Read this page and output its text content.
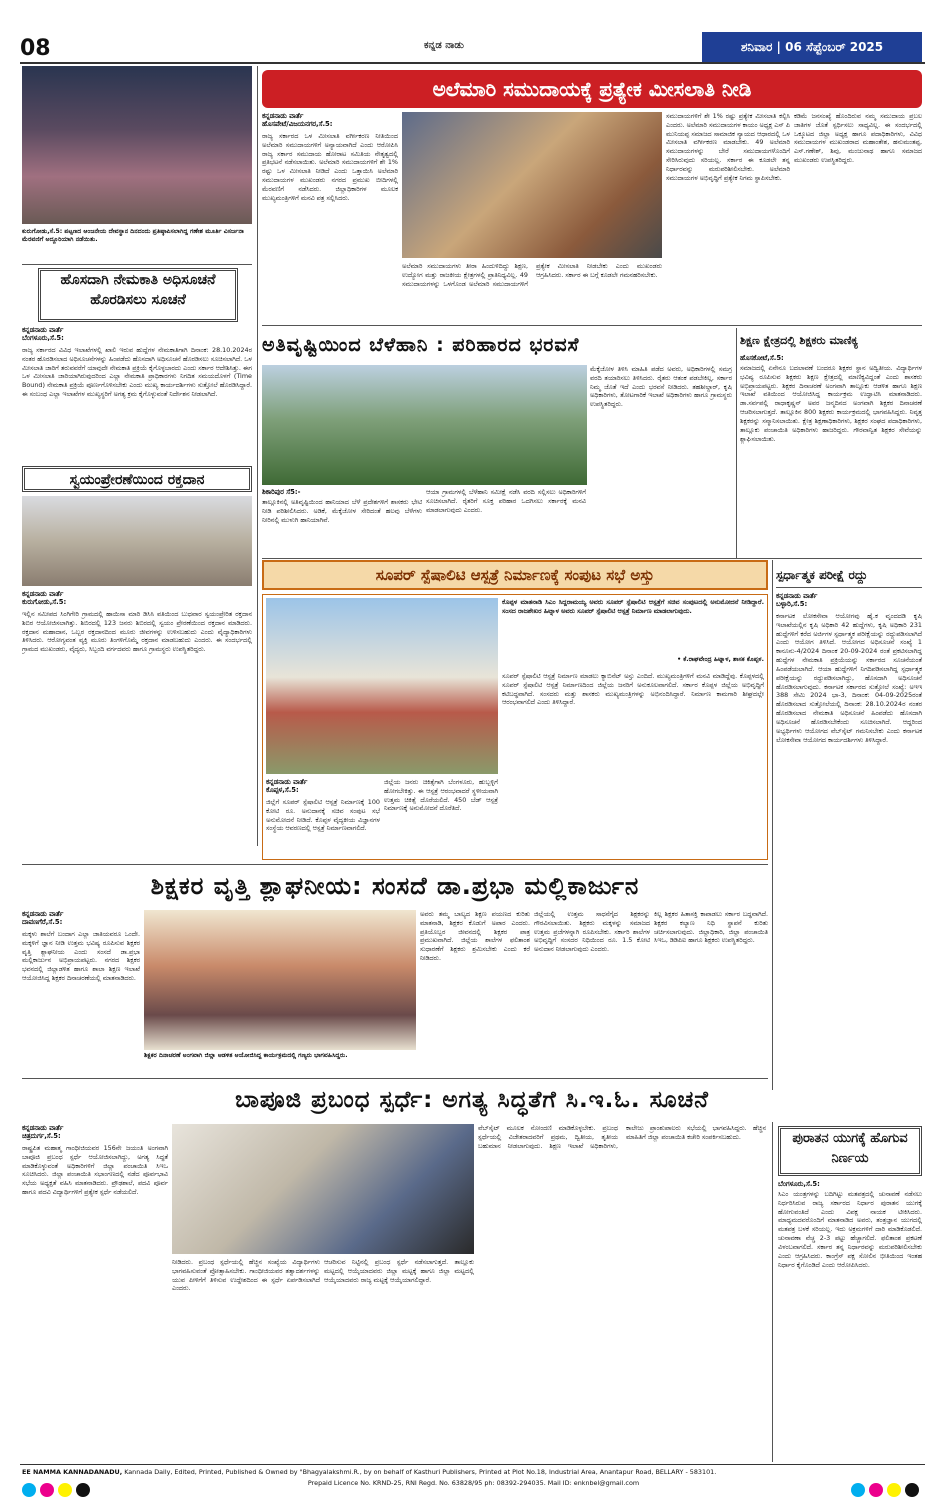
08	ಕನ್ನಡ ನಾಡು	ಶನಿವಾರ | 06 ಸೆಪ್ಟೆಂಬರ್ 2025
ಕುರುಗೋಡು,ಸೆ.5: ಪಟ್ಟಣದ ಆಂಜನೇಯ ದೇವಸ್ಥಾನ ದಿನದಂದು ಪ್ರತಿಷ್ಠಾಪಿಸಲಾಗಿದ್ದ ಗಣೇಶ ಮೂರ್ತಿ ವಿಸರ್ಜನಾ ಮೆರವಣಿಗೆ ಅದ್ದೂರಿಯಾಗಿ ನಡೆಯಿತು.
ಹೊಸದಾಗಿ ನೇಮಕಾತಿ ಅಧಿಸೂಚನೆ ಹೊರಡಿಸಲು ಸೂಚನೆ
ಕನ್ನಡನಾಡು ವಾರ್ತೆ
ಬೆಂಗಳೂರು,ಸೆ.5:
ರಾಜ್ಯ ಸರ್ಕಾರದ ವಿವಿಧ ಇಲಾಖೆಗಳಲ್ಲಿ ಖಾಲಿ ಇರುವ ಹುದ್ದೆಗಳ ನೇಮಕಾತಿಗಾಗಿ ದಿನಾಂಕ: 28.10.2024ರ ನಂತರ ಹೊರಡಿಸಲಾದ ಅಧಿಸೂಚನೆಗಳನ್ನು ಹಿಂಪಡೆದು ಹೊಸದಾಗಿ ಅಧಿಸೂಚನೆ ಹೊರಡಿಸಲು ಸೂಚಿಸಲಾಗಿದೆ. ಒಳ ಮೀಸಲಾತಿ ಜಾರಿಗೆ ತರುವವರೆಗೆ ಯಾವುದೇ ನೇಮಕಾತಿ ಪ್ರಕ್ರಿಯೆ ಕೈಗೊಳ್ಳಬಾರದು ಎಂದು ಸರ್ಕಾರ ಆದೇಶಿಸಿತ್ತು. ಈಗ ಒಳ ಮೀಸಲಾತಿ ಜಾರಿಯಾಗಿರುವುದರಿಂದ ಎಲ್ಲಾ ನೇಮಕಾತಿ ಪ್ರಾಧಿಕಾರಗಳು ನಿಗದಿತ ಸಮಯದೊಳಗೆ (Time Bound) ನೇಮಕಾತಿ ಪ್ರಕ್ರಿಯೆ ಪೂರ್ಣಗೊಳಿಸಬೇಕು ಎಂದು ಮುಖ್ಯ ಕಾರ್ಯದರ್ಶಿಗಳು ಸುತ್ತೋಲೆ ಹೊರಡಿಸಿದ್ದಾರೆ. ಈ ಸಂಬಂಧ ಎಲ್ಲಾ ಇಲಾಖೆಗಳ ಮುಖ್ಯಸ್ಥರಿಗೆ ಅಗತ್ಯ ಕ್ರಮ ಕೈಗೊಳ್ಳುವಂತೆ ನಿರ್ದೇಶನ ನೀಡಲಾಗಿದೆ.
ಸ್ವಯಂಪ್ರೇರಣೆಯಿಂದ ರಕ್ತದಾನ
ಕನ್ನಡನಾಡು ವಾರ್ತೆ
ಕುರುಗೋಡು,ಸೆ.5:
ಇಲ್ಲಿನ ಸಮೀಪದ ಸಿಂಗಿಗೇರಿ ಗ್ರಾಮದಲ್ಲಿ ಹಾಯಿಸಾ ಮಾರಿ ಡಿಸಿಸಿ ವತಿಯಿಂದ ಬುಧವಾರ ಸ್ವಯಂಪ್ರೇರಿತ ರಕ್ತದಾನ ಶಿಬಿರ ಆಯೋಜಿಸಲಾಗಿತ್ತು. ಶಿಬಿರದಲ್ಲಿ 123 ಜನರು ಶಿಬಿರದಲ್ಲಿ ಸ್ವಯಂ ಪ್ರೇರಣೆಯಿಂದ ರಕ್ತದಾನ ಮಾಡಿದರು. ರಕ್ತದಾನ ಮಹಾದಾನ, ಒಬ್ಬರ ರಕ್ತದಾನದಿಂದ ಮೂರು ಜೀವಗಳನ್ನು ಉಳಿಸಬಹುದು ಎಂದು ವೈದ್ಯಾಧಿಕಾರಿಗಳು ತಿಳಿಸಿದರು. ಆರೋಗ್ಯವಂತ ವ್ಯಕ್ತಿ ಮೂರು ತಿಂಗಳಿಗೊಮ್ಮೆ ರಕ್ತದಾನ ಮಾಡಬಹುದು ಎಂದರು. ಈ ಸಂದರ್ಭದಲ್ಲಿ ಗ್ರಾಮದ ಮುಖಂಡರು, ವೈದ್ಯರು, ಸಿಬ್ಬಂದಿ ವರ್ಗದವರು ಹಾಗೂ ಗ್ರಾಮಸ್ಥರು ಉಪಸ್ಥಿತರಿದ್ದರು.
ಅಲೆಮಾರಿ ಸಮುದಾಯಕ್ಕೆ ಪ್ರತ್ಯೇಕ ಮೀಸಲಾತಿ ನೀಡಿ
ಕನ್ನಡನಾಡು ವಾರ್ತೆ
ಹೊಸಪೇಟೆ/ವಿಜಯನಗರ,ಸೆ.5:
ರಾಜ್ಯ ಸರ್ಕಾರದ ಒಳ ಮೀಸಲಾತಿ ವರ್ಗೀಕರಣ ನೀತಿಯಿಂದ ಅಲೆಮಾರಿ ಸಮುದಾಯಗಳಿಗೆ ಅನ್ಯಾಯವಾಗಿದೆ ಎಂದು ಆರೋಪಿಸಿ ರಾಜ್ಯ ಸರ್ಕಾರ ಸಮುದಾಯ ಹೋರಾಟ ಸಮಿತಿಯ ನೇತೃತ್ವದಲ್ಲಿ ಪ್ರತಿಭಟನೆ ನಡೆಸಲಾಯಿತು. ಅಲೆಮಾರಿ ಸಮುದಾಯಗಳಿಗೆ ಶೇ 1% ರಷ್ಟು ಒಳ ಮೀಸಲಾತಿ ನೀಡಿದೆ ಎಂದು ಒತ್ತಾಯಿಸಿ ಅಲೆಮಾರಿ ಸಮುದಾಯಗಳ ಮುಖಂಡರು ನಗರದ ಪ್ರಮುಖ ಬೀದಿಗಳಲ್ಲಿ ಮೆರವಣಿಗೆ ನಡೆಸಿದರು. ಜಿಲ್ಲಾಧಿಕಾರಿಗಳ ಮೂಲಕ ಮುಖ್ಯಮಂತ್ರಿಗಳಿಗೆ ಮನವಿ ಪತ್ರ ಸಲ್ಲಿಸಿದರು.
ಅಲೆಮಾರಿ ಸಮುದಾಯಗಳು ತೀರಾ ಹಿಂದುಳಿದಿದ್ದು ಶಿಕ್ಷಣ, ಉದ್ಯೋಗ ಮತ್ತು ರಾಜಕೀಯ ಕ್ಷೇತ್ರಗಳಲ್ಲಿ ಪ್ರಾತಿನಿಧ್ಯವಿಲ್ಲ. 49 ಸಮುದಾಯಗಳನ್ನು ಒಳಗೊಂಡ ಅಲೆಮಾರಿ ಸಮುದಾಯಗಳಿಗೆ ಪ್ರತ್ಯೇಕ ಮೀಸಲಾತಿ ನೀಡಬೇಕು ಎಂದು ಮುಖಂಡರು ಆಗ್ರಹಿಸಿದರು. ಸರ್ಕಾರ ಈ ಬಗ್ಗೆ ಕೂಡಲೇ ಗಮನಹರಿಸಬೇಕು.
ಸಮುದಾಯಗಳಿಗೆ ಶೇ 1% ರಷ್ಟು ಪ್ರತ್ಯೇಕ ಮೀಸಲಾತಿ ಕಲ್ಪಿಸಿ ಎಂದರು. ಅಲೆಮಾರಿ ಸಮುದಾಯಗಳ ಕಾಯಂ ಅಧ್ಯಕ್ಷ ಎಸ್ ಪಿ ಮುನಿಯಪ್ಪ ಸಮಾಜದ ಸಾಮಾಜಿಕ ನ್ಯಾಯದ ಆಧಾರದಲ್ಲಿ ಒಳ ಮೀಸಲಾತಿ ವರ್ಗೀಕರಣ ಮಾಡಬೇಕು. 49 ಅಲೆಮಾರಿ ಸಮುದಾಯಗಳನ್ನು ಬೇರೆ ಸಮುದಾಯಗಳೊಂದಿಗೆ ಸೇರಿಸಿರುವುದು ಸರಿಯಲ್ಲ. ಸರ್ಕಾರ ಈ ಕೂಡಲೇ ತನ್ನ ನಿರ್ಧಾರವನ್ನು ಮರುಪರಿಶೀಲಿಸಬೇಕು. ಅಲೆಮಾರಿ ಸಮುದಾಯಗಳ ಅಭಿವೃದ್ಧಿಗೆ ಪ್ರತ್ಯೇಕ ನಿಗಮ ಸ್ಥಾಪಿಸಬೇಕು.
ಕಡಿಮೆ ಜನಸಂಖ್ಯೆ ಹೊಂದಿರುವ ನಮ್ಮ ಸಮುದಾಯ ಪ್ರಬಲ ಜಾತಿಗಳ ಜೊತೆ ಸ್ಪರ್ಧಿಸಲು ಸಾಧ್ಯವಿಲ್ಲ. ಈ ಸಂದರ್ಭದಲ್ಲಿ ಒಕ್ಕೂಟದ ಜಿಲ್ಲಾ ಅಧ್ಯಕ್ಷ ಹಾಗೂ ಪದಾಧಿಕಾರಿಗಳು, ವಿವಿಧ ಸಮುದಾಯಗಳ ಮುಖಂಡರಾದ ಮಹಾಂತೇಶ, ಹನುಮಂತಪ್ಪ, ಎಸ್.ಗಣೇಶ್, ಶಿವು, ಮಂಜುನಾಥ ಹಾಗೂ ಸಮಾಜದ ಮುಖಂಡರು ಉಪಸ್ಥಿತರಿದ್ದರು.
ಅತಿವೃಷ್ಟಿಯಿಂದ ಬೆಳೆಹಾನಿ : ಪರಿಹಾರದ ಭರವಸೆ
ಮೆಕ್ಕೆಜೋಳ ತಿಳಿಸಿ ಮಾಹಿತಿ ಪಡೆದ ಅವರು, ಅಧಿಕಾರಿಗಳಲ್ಲಿ ಸಮಗ್ರ ವರದಿ ತಯಾರಿಸಲು ತಿಳಿಸಿದರು. ರೈತರು ಆತಂಕ ಪಡಬೇಕಿಲ್ಲ, ಸರ್ಕಾರ ನಿಮ್ಮ ಜೊತೆ ಇದೆ ಎಂದು ಭರವಸೆ ನೀಡಿದರು. ತಹಶೀಲ್ದಾರ್, ಕೃಷಿ ಅಧಿಕಾರಿಗಳು, ತೋಟಗಾರಿಕೆ ಇಲಾಖೆ ಅಧಿಕಾರಿಗಳು ಹಾಗೂ ಗ್ರಾಮಸ್ಥರು ಉಪಸ್ಥಿತರಿದ್ದರು.
ಶಿಕಾರಿಪುರ ಸೆ5:-
ತಾಲ್ಲೂಕಿನಲ್ಲಿ ಅತಿವೃಷ್ಟಿಯಿಂದ ಹಾನಿಯಾದ ಬೆಳೆ ಪ್ರದೇಶಗಳಿಗೆ ಶಾಸಕರು ಭೇಟಿ ನೀಡಿ ಪರಿಶೀಲಿಸಿದರು. ಅಡಿಕೆ, ಮೆಕ್ಕೆಜೋಳ ಸೇರಿದಂತೆ ಹಲವು ಬೆಳೆಗಳು ನೀರಿನಲ್ಲಿ ಮುಳುಗಿ ಹಾನಿಯಾಗಿವೆ.
ಆಯಾ ಗ್ರಾಮಗಳಲ್ಲಿ ಬೆಳೆಹಾನಿ ಸಮೀಕ್ಷೆ ನಡೆಸಿ ವರದಿ ಸಲ್ಲಿಸಲು ಅಧಿಕಾರಿಗಳಿಗೆ ಸೂಚಿಸಲಾಗಿದೆ. ರೈತರಿಗೆ ಸೂಕ್ತ ಪರಿಹಾರ ಒದಗಿಸಲು ಸರ್ಕಾರಕ್ಕೆ ಮನವಿ ಮಾಡಲಾಗುವುದು ಎಂದರು.
ಶಿಕ್ಷಣ ಕ್ಷೇತ್ರದಲ್ಲಿ ಶಿಕ್ಷಕರು ಮಾಣಿಕ್ಯ
ಹೊಸಕೋಟೆ,ಸೆ.5:
ಸಮಾಜದಲ್ಲಿ ಏನೇನೂ ಬದಲಾವಣೆ ಬಂದರೂ ಶಿಕ್ಷಕರ ಸ್ಥಾನ ಅದ್ವಿತೀಯ. ವಿದ್ಯಾರ್ಥಿಗಳ ಭವಿಷ್ಯ ರೂಪಿಸುವ ಶಿಕ್ಷಕರು ಶಿಕ್ಷಣ ಕ್ಷೇತ್ರದಲ್ಲಿ ಮಾಣಿಕ್ಯವಿದ್ದಂತೆ ಎಂದು ಶಾಸಕರು ಅಭಿಪ್ರಾಯಪಟ್ಟರು. ಶಿಕ್ಷಕರ ದಿನಾಚರಣೆ ಅಂಗವಾಗಿ ತಾಲ್ಲೂಕು ಆಡಳಿತ ಹಾಗೂ ಶಿಕ್ಷಣ ಇಲಾಖೆ ವತಿಯಿಂದ ಆಯೋಜಿಸಿದ್ದ ಕಾರ್ಯಕ್ರಮ ಉದ್ಘಾಟಿಸಿ ಮಾತನಾಡಿದರು. ಡಾ.ಸರ್ವಪಲ್ಲಿ ರಾಧಾಕೃಷ್ಣನ್ ಅವರ ಜನ್ಮದಿನದ ಅಂಗವಾಗಿ ಶಿಕ್ಷಕರ ದಿನಾಚರಣೆ ಆಚರಿಸಲಾಗುತ್ತದೆ. ತಾಲ್ಲೂಕಿನ 800 ಶಿಕ್ಷಕರು ಕಾರ್ಯಕ್ರಮದಲ್ಲಿ ಭಾಗವಹಿಸಿದ್ದರು. ನಿವೃತ್ತ ಶಿಕ್ಷಕರನ್ನು ಸನ್ಮಾನಿಸಲಾಯಿತು. ಕ್ಷೇತ್ರ ಶಿಕ್ಷಣಾಧಿಕಾರಿಗಳು, ಶಿಕ್ಷಕರ ಸಂಘದ ಪದಾಧಿಕಾರಿಗಳು, ತಾಲ್ಲೂಕು ಪಂಚಾಯಿತಿ ಅಧಿಕಾರಿಗಳು ಹಾಜರಿದ್ದರು. ಗೌರವಾನ್ವಿತ ಶಿಕ್ಷಕರ ಸೇವೆಯನ್ನು ಶ್ಲಾಘಿಸಲಾಯಿತು.
ಸೂಪರ್ ಸ್ಪೆಷಾಲಿಟಿ ಆಸ್ಪತ್ರೆ ನಿರ್ಮಾಣಕ್ಕೆ ಸಂಪುಟ ಸಭೆ ಅಸ್ತು
ಕೊಪ್ಪಳ ಮಾತನಾಡಿ ಸಿಎಂ ಸಿದ್ದರಾಮಯ್ಯ ಅವರು ಸೂಪರ್ ಸ್ಪೆಷಾಲಿಟಿ ಆಸ್ಪತ್ರೆಗೆ ಸಚಿವ ಸಂಪುಟದಲ್ಲಿ ಅನುಮೋದನೆ ನೀಡಿದ್ದಾರೆ. ಸಂಸದ ರಾಜಶೇಖರ ಹಿಟ್ನಾಳ ಅವರು ಸೂಪರ್ ಸ್ಪೆಷಾಲಿಟಿ ಆಸ್ಪತ್ರೆ ನಿರ್ಮಾಣ ಮಾಡಲಾಗುವುದು.
• ಕೆ.ರಾಘವೇಂದ್ರ ಹಿಟ್ನಾಳ, ಶಾಸಕ ಕೊಪ್ಪಳ.
ಸೂಪರ್ ಸ್ಪೆಷಾಲಿಟಿ ಆಸ್ಪತ್ರೆ ನಿರ್ಮಾಣ ಮಾಡಲು ಕ್ಯಾಬಿನೆಟ್ ಅಸ್ತು ಎಂದಿದೆ. ಮುಖ್ಯಮಂತ್ರಿಗಳಿಗೆ ಮನವಿ ಮಾಡಿದ್ದೆವು. ಕೊಪ್ಪಳದಲ್ಲಿ ಸೂಪರ್ ಸ್ಪೆಷಾಲಿಟಿ ಆಸ್ಪತ್ರೆ ನಿರ್ಮಾಣದಿಂದ ಜಿಲ್ಲೆಯ ಜನರಿಗೆ ಅನುಕೂಲವಾಗಲಿದೆ. ಸರ್ಕಾರ ಕೊಪ್ಪಳ ಜಿಲ್ಲೆಯ ಅಭಿವೃದ್ಧಿಗೆ ಕಟಿಬದ್ಧವಾಗಿದೆ. ಸಂಸದರು ಮತ್ತು ಶಾಸಕರು ಮುಖ್ಯಮಂತ್ರಿಗಳನ್ನು ಅಭಿನಂದಿಸಿದ್ದಾರೆ. ನಿರ್ಮಾಣ ಕಾಮಗಾರಿ ಶೀಘ್ರದಲ್ಲೇ ಆರಂಭವಾಗಲಿದೆ ಎಂದು ತಿಳಿಸಿದ್ದಾರೆ.
ಕನ್ನಡನಾಡು ವಾರ್ತೆ
ಕೊಪ್ಪಳ,ಸೆ.5:
ಜಿಲ್ಲೆಗೆ ಸೂಪರ್ ಸ್ಪೆಷಾಲಿಟಿ ಆಸ್ಪತ್ರೆ ನಿರ್ಮಾಣಕ್ಕೆ 100 ಕೋಟಿ ರೂ. ಅನುದಾನಕ್ಕೆ ಸಚಿವ ಸಂಪುಟ ಸಭೆ ಅನುಮೋದನೆ ನೀಡಿದೆ. ಕೊಪ್ಪಳ ವೈದ್ಯಕೀಯ ವಿಜ್ಞಾನಗಳ ಸಂಸ್ಥೆಯ ಆವರಣದಲ್ಲಿ ಆಸ್ಪತ್ರೆ ನಿರ್ಮಾಣವಾಗಲಿದೆ.
ಜಿಲ್ಲೆಯ ಜನರು ಚಿಕಿತ್ಸೆಗಾಗಿ ಬೆಂಗಳೂರು, ಹುಬ್ಬಳ್ಳಿಗೆ ಹೋಗಬೇಕಿತ್ತು. ಈ ಆಸ್ಪತ್ರೆ ಆರಂಭವಾದರೆ ಸ್ಥಳೀಯವಾಗಿ ಉತ್ತಮ ಚಿಕಿತ್ಸೆ ದೊರೆಯಲಿದೆ. 450 ಬೆಡ್ ಆಸ್ಪತ್ರೆ ನಿರ್ಮಾಣಕ್ಕೆ ಅನುಮೋದನೆ ದೊರೆತಿದೆ.
ಸ್ಪರ್ಧಾತ್ಮಕ ಪರೀಕ್ಷೆ ರದ್ದು
ಕನ್ನಡನಾಡು ವಾರ್ತೆ
ಬಳ್ಳಾರಿ,ಸೆ.5:
ಕರ್ನಾಟಕ ಲೋಕಸೇವಾ ಆಯೋಗವು ಹೈ.ಕ ವೃಂದದಡಿ ಕೃಷಿ ಇಲಾಖೆಯಲ್ಲಿನ ಕೃಷಿ ಅಧಿಕಾರಿ 42 ಹುದ್ದೆಗಳು, ಕೃಷಿ ಅಧಿಕಾರಿ 231 ಹುದ್ದೆಗಳಿಗೆ ಕರೆದ ಅರ್ಜಿಗಳ ಸ್ಪರ್ಧಾತ್ಮಕ ಪರೀಕ್ಷೆಯನ್ನು ರದ್ದುಪಡಿಸಲಾಗಿದೆ ಎಂದು ಆಯೋಗ ತಿಳಿಸಿದೆ. ಆಯೋಗದ ಅಧಿಸೂಚನೆ ಸಂಖ್ಯೆ 1 ಕಾನೂನು-4/2024 ದಿನಾಂಕ 20-09-2024 ರಂತೆ ಪ್ರಕಟಿಸಲಾಗಿದ್ದ ಹುದ್ದೆಗಳ ನೇಮಕಾತಿ ಪ್ರಕ್ರಿಯೆಯನ್ನು ಸರ್ಕಾರದ ಸೂಚನೆಯಂತೆ ಹಿಂಪಡೆಯಲಾಗಿದೆ. ಆಯಾ ಹುದ್ದೆಗಳಿಗೆ ನಿಗದಿಪಡಿಸಲಾಗಿದ್ದ ಸ್ಪರ್ಧಾತ್ಮಕ ಪರೀಕ್ಷೆಯನ್ನು ರದ್ದುಪಡಿಸಲಾಗಿದ್ದು, ಹೊಸದಾಗಿ ಅಧಿಸೂಚನೆ ಹೊರಡಿಸಲಾಗುವುದು. ಕರ್ನಾಟಕ ಸರ್ಕಾರದ ಸುತ್ತೋಲೆ ಸಂಖ್ಯೆ: ಅಇಇ 388 ಸೇಮಿ 2024 ಭಾ-3, ದಿನಾಂಕ: 04-09-2025ರಂತೆ ಹೊರಡಿಸಲಾದ ಸುತ್ತೋಲೆಯಲ್ಲಿ ದಿನಾಂಕ: 28.10.2024ರ ನಂತರ ಹೊರಡಿಸಲಾದ ನೇಮಕಾತಿ ಅಧಿಸೂಚನೆ ಹಿಂಪಡೆದು ಹೊಸದಾಗಿ ಅಧಿಸೂಚನೆ ಹೊರಡಿಸಬೇಕೆಂದು ಸೂಚಿಸಲಾಗಿದೆ. ಆದ್ದರಿಂದ ಅಭ್ಯರ್ಥಿಗಳು ಆಯೋಗದ ವೆಬ್‌ಸೈಟ್ ಗಮನಿಸಬೇಕು ಎಂದು ಕರ್ನಾಟಕ ಲೋಕಸೇವಾ ಆಯೋಗದ ಕಾರ್ಯದರ್ಶಿಗಳು ತಿಳಿಸಿದ್ದಾರೆ.
ಶಿಕ್ಷಕರ ವೃತ್ತಿ ಶ್ಲಾಘನೀಯ: ಸಂಸದೆ ಡಾ.ಪ್ರಭಾ ಮಲ್ಲಿಕಾರ್ಜುನ
ಕನ್ನಡನಾಡು ವಾರ್ತೆ
ದಾವಣಗೆರೆ,ಸೆ.5:
ಮಕ್ಕಳು ಶಾಲೆಗೆ ಬಂದಾಗ ಎಲ್ಲಾ ಜಾತಿಯವರೂ ಒಂದೇ. ಮಕ್ಕಳಿಗೆ ಜ್ಞಾನ ನೀಡಿ ಉತ್ತಮ ಭವಿಷ್ಯ ರೂಪಿಸುವ ಶಿಕ್ಷಕರ ವೃತ್ತಿ ಶ್ಲಾಘನೀಯ ಎಂದು ಸಂಸದೆ ಡಾ.ಪ್ರಭಾ ಮಲ್ಲಿಕಾರ್ಜುನ ಅಭಿಪ್ರಾಯಪಟ್ಟರು. ನಗರದ ಶಿಕ್ಷಕರ ಭವನದಲ್ಲಿ ಜಿಲ್ಲಾಡಳಿತ ಹಾಗೂ ಶಾಲಾ ಶಿಕ್ಷಣ ಇಲಾಖೆ ಆಯೋಜಿಸಿದ್ದ ಶಿಕ್ಷಕರ ದಿನಾಚರಣೆಯಲ್ಲಿ ಮಾತನಾಡಿದರು.
ಶಿಕ್ಷಕರ ದಿನಾಚರಣೆ ಅಂಗವಾಗಿ ಜಿಲ್ಲಾ ಆಡಳಿತ ಆಯೋಜಿಸಿದ್ದ ಕಾರ್ಯಕ್ರಮದಲ್ಲಿ ಗಣ್ಯರು ಭಾಗವಹಿಸಿದ್ದರು.
ಅವರು ತಮ್ಮ ಬಾಲ್ಯದ ಶಿಕ್ಷಣ ಪಯಣದ ಕುರಿತು ಮಾತನಾಡಿ, ಶಿಕ್ಷಕರ ಕೊಡುಗೆ ಅಪಾರ ಎಂದರು. ಪ್ರತಿಯೊಬ್ಬರ ಜೀವನದಲ್ಲಿ ಶಿಕ್ಷಕರ ಪಾತ್ರ ಪ್ರಮುಖವಾಗಿದೆ. ಜಿಲ್ಲೆಯ ಶಾಲೆಗಳ ಫಲಿತಾಂಶ ಸುಧಾರಣೆಗೆ ಶಿಕ್ಷಕರು ಶ್ರಮಿಸಬೇಕು ಎಂದು ಕರೆ ನೀಡಿದರು.
ಜಿಲ್ಲೆಯಲ್ಲಿ ಉತ್ತಮ ಸಾಧನೆಗೈದ ಶಿಕ್ಷಕರನ್ನು ಗೌರವಿಸಲಾಯಿತು. ಶಿಕ್ಷಕರು ಮಕ್ಕಳನ್ನು ಸಮಾಜದ ಉತ್ತಮ ಪ್ರಜೆಗಳನ್ನಾಗಿ ರೂಪಿಸಬೇಕು. ಸರ್ಕಾರಿ ಶಾಲೆಗಳ ಅಭಿವೃದ್ಧಿಗೆ ಸಂಸದರ ನಿಧಿಯಿಂದ ರೂ. 1.5 ಕೋಟಿ ಅನುದಾನ ನೀಡಲಾಗುವುದು ಎಂದರು.
ಕಿಲ್ಲ ಶಿಕ್ಷಕರ ಹಿತಾಸಕ್ತಿ ಕಾಪಾಡಲು ಸರ್ಕಾರ ಬದ್ಧವಾಗಿದೆ. ಶಿಕ್ಷಕರ ಕಲ್ಯಾಣ ನಿಧಿ ಸ್ಥಾಪನೆ ಕುರಿತು ಚರ್ಚಿಸಲಾಗುವುದು. ಜಿಲ್ಲಾಧಿಕಾರಿ, ಜಿಲ್ಲಾ ಪಂಚಾಯಿತಿ ಸಿಇಒ, ಡಿಡಿಪಿಐ ಹಾಗೂ ಶಿಕ್ಷಕರು ಉಪಸ್ಥಿತರಿದ್ದರು.
ಬಾಪೂಜಿ ಪ್ರಬಂಧ ಸ್ಪರ್ಧೆ: ಅಗತ್ಯ ಸಿದ್ಧತೆಗೆ ಸಿ.ಇ.ಓ. ಸೂಚನೆ
ಕನ್ನಡನಾಡು ವಾರ್ತೆ
ಚಿತ್ರದುರ್ಗ,ಸೆ.5:
ರಾಷ್ಟ್ರಪಿತ ಮಹಾತ್ಮ ಗಾಂಧೀಜಿಯವರ 156ನೇ ಜಯಂತಿ ಅಂಗವಾಗಿ ಬಾಪೂಜಿ ಪ್ರಬಂಧ ಸ್ಪರ್ಧೆ ಆಯೋಜಿಸಲಾಗಿದ್ದು, ಅಗತ್ಯ ಸಿದ್ಧತೆ ಮಾಡಿಕೊಳ್ಳುವಂತೆ ಅಧಿಕಾರಿಗಳಿಗೆ ಜಿಲ್ಲಾ ಪಂಚಾಯಿತಿ ಸಿಇಒ ಸೂಚಿಸಿದರು. ಜಿಲ್ಲಾ ಪಂಚಾಯಿತಿ ಸಭಾಂಗಣದಲ್ಲಿ ನಡೆದ ಪೂರ್ವಭಾವಿ ಸಭೆಯ ಅಧ್ಯಕ್ಷತೆ ವಹಿಸಿ ಮಾತನಾಡಿದರು. ಪ್ರೌಢಶಾಲೆ, ಪದವಿ ಪೂರ್ವ ಹಾಗೂ ಪದವಿ ವಿದ್ಯಾರ್ಥಿಗಳಿಗೆ ಪ್ರತ್ಯೇಕ ಸ್ಪರ್ಧೆ ನಡೆಯಲಿದೆ.
ನೀಡಿದರು. ಪ್ರಬಂಧ ಸ್ಪರ್ಧೆಯಲ್ಲಿ ಹೆಚ್ಚಿನ ಸಂಖ್ಯೆಯ ವಿದ್ಯಾರ್ಥಿಗಳು ಭಾಗವಹಿಸುವಂತೆ ಪ್ರೋತ್ಸಾಹಿಸಬೇಕು. ಗಾಂಧೀಜಿಯವರ ತತ್ವಾದರ್ಶಗಳನ್ನು ಯುವ ಪೀಳಿಗೆಗೆ ತಿಳಿಸುವ ಉದ್ದೇಶದಿಂದ ಈ ಸ್ಪರ್ಧೆ ಏರ್ಪಡಿಸಲಾಗಿದೆ ಎಂದರು.
ಆಚರಿಸುವ ನಿಟ್ಟಿನಲ್ಲಿ ಪ್ರಬಂಧ ಸ್ಪರ್ಧೆ ನಡೆಸಲಾಗುತ್ತದೆ. ತಾಲ್ಲೂಕು ಮಟ್ಟದಲ್ಲಿ ಆಯ್ಕೆಯಾದವರು ಜಿಲ್ಲಾ ಮಟ್ಟಕ್ಕೆ ಹಾಗೂ ಜಿಲ್ಲಾ ಮಟ್ಟದಲ್ಲಿ ಆಯ್ಕೆಯಾದವರು ರಾಜ್ಯ ಮಟ್ಟಕ್ಕೆ ಆಯ್ಕೆಯಾಗಲಿದ್ದಾರೆ.
ವೆಬ್‌ಸೈಟ್ ಮೂಲಕ ನೋಂದಣಿ ಮಾಡಿಕೊಳ್ಳಬೇಕು. ಪ್ರಬಂಧ ಸ್ಪರ್ಧೆಯಲ್ಲಿ ವಿಜೇತರಾದವರಿಗೆ ಪ್ರಥಮ, ದ್ವಿತೀಯ, ತೃತೀಯ ಬಹುಮಾನ ನೀಡಲಾಗುವುದು. ಶಿಕ್ಷಣ ಇಲಾಖೆ ಅಧಿಕಾರಿಗಳು, ಕಾಲೇಜು ಪ್ರಾಂಶುಪಾಲರು ಸಭೆಯಲ್ಲಿ ಭಾಗವಹಿಸಿದ್ದರು. ಹೆಚ್ಚಿನ ಮಾಹಿತಿಗೆ ಜಿಲ್ಲಾ ಪಂಚಾಯಿತಿ ಕಚೇರಿ ಸಂಪರ್ಕಿಸಬಹುದು.	ಪುರಾತನ ಯುಗಕ್ಕೆ ಹೊಗುವ ನಿರ್ಣಯ
ಬೆಂಗಳೂರು,ಸೆ.5:
ಸಿಎಂ ಯಂತ್ರಗಳನ್ನು ಬದಿಗಿಟ್ಟು ಮತಪತ್ರದಲ್ಲಿ ಚುನಾವಣೆ ನಡೆಸಲು ನಿರ್ಧರಿಸಿರುವ ರಾಜ್ಯ ಸರ್ಕಾರದ ನಿರ್ಧಾರ ಪುರಾತನ ಯುಗಕ್ಕೆ ಹೋಗುವಂತಿದೆ ಎಂದು ವಿಪಕ್ಷ ನಾಯಕ ಟೀಕಿಸಿದರು. ಮಾಧ್ಯಮದವರೊಂದಿಗೆ ಮಾತನಾಡಿದ ಅವರು, ತಂತ್ರಜ್ಞಾನ ಯುಗದಲ್ಲಿ ಮತಪತ್ರ ಬಳಕೆ ಸರಿಯಲ್ಲ. ಇದು ಅಕ್ರಮಗಳಿಗೆ ದಾರಿ ಮಾಡಿಕೊಡಲಿದೆ. ಚುನಾವಣಾ ವೆಚ್ಚ 2-3 ಪಟ್ಟು ಹೆಚ್ಚಾಗಲಿದೆ. ಫಲಿತಾಂಶ ಪ್ರಕಟಣೆ ವಿಳಂಬವಾಗಲಿದೆ. ಸರ್ಕಾರ ತನ್ನ ನಿರ್ಧಾರವನ್ನು ಮರುಪರಿಶೀಲಿಸಬೇಕು ಎಂದು ಆಗ್ರಹಿಸಿದರು. ಕಾಂಗ್ರೆಸ್ ಪಕ್ಷ ಸೋಲಿನ ಭೀತಿಯಿಂದ ಇಂತಹ ನಿರ್ಧಾರ ಕೈಗೊಂಡಿದೆ ಎಂದು ಆರೋಪಿಸಿದರು.
EE NAMMA KANNADANADU, Kannada Daily, Edited, Printed, Published & Owned by "Bhagyalakshmi.R., by on behalf of Kasthuri Publishers, Printed at Plot No.18, Industrial Area, Anantapur Road, BELLARY - 583101.
Prepaid Licence No. KRND-25, RNI Regd. No. 63828/95 ph: 08392-294035. Mail ID: enknbel@gmail.com
